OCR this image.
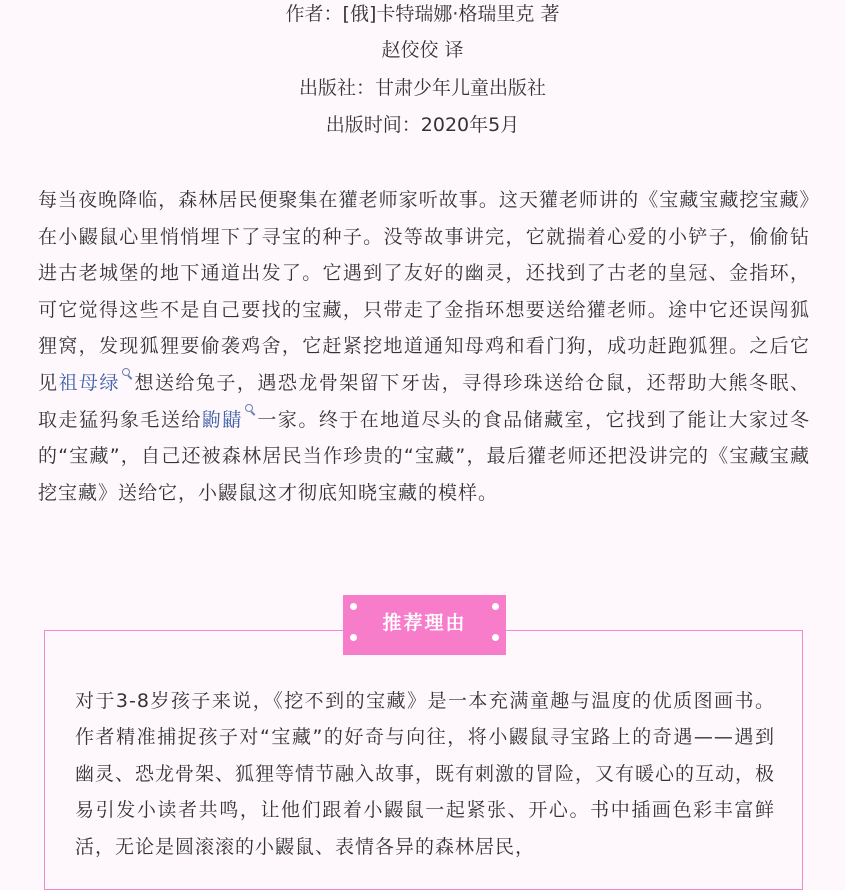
作者：[俄]卡特瑞娜·格瑞里克 著
赵佼佼 译
出版社：甘肃少年儿童出版社
出版时间：2020年5月

每当夜晚降临，森林居民便聚集在獾老师家听故事。这天獾老师讲的《宝藏宝藏挖宝藏》在小鼹鼠心里悄悄埋下了寻宝的种子。没等故事讲完，它就揣着心爱的小铲子，偷偷钻进古老城堡的地下通道出发了。它遇到了友好的幽灵，还找到了古老的皇冠、金指环，可它觉得这些不是自己要找的宝藏，只带走了金指环想要送给獾老师。途中它还误闯狐狸窝，发现狐狸要偷袭鸡舍，它赶紧挖地道通知母鸡和看门狗，成功赶跑狐狸。之后它见祖母绿 想送给兔子，遇恐龙骨架留下牙齿，寻得珍珠送给仓鼠，还帮助大熊冬眠、取走猛犸象毛送给鼩鼱 一家。终于在地道尽头的食品储藏室，它找到了能让大家过冬的“宝藏”，自己还被森林居民当作珍贵的“宝藏”，最后獾老师还把没讲完的《宝藏宝藏挖宝藏》送给它，小鼹鼠这才彻底知晓宝藏的模样。

推荐理由

对于3-8岁孩子来说，《挖不到的宝藏》是一本充满童趣与温度的优质图画书。作者精准捕捉孩子对“宝藏”的好奇与向往，将小鼹鼠寻宝路上的奇遇——遇到幽灵、恐龙骨架、狐狸等情节融入故事，既有刺激的冒险，又有暖心的互动，极易引发小读者共鸣，让他们跟着小鼹鼠一起紧张、开心。书中插画色彩丰富鲜活，无论是圆滚滚的小鼹鼠、表情各异的森林居民，
